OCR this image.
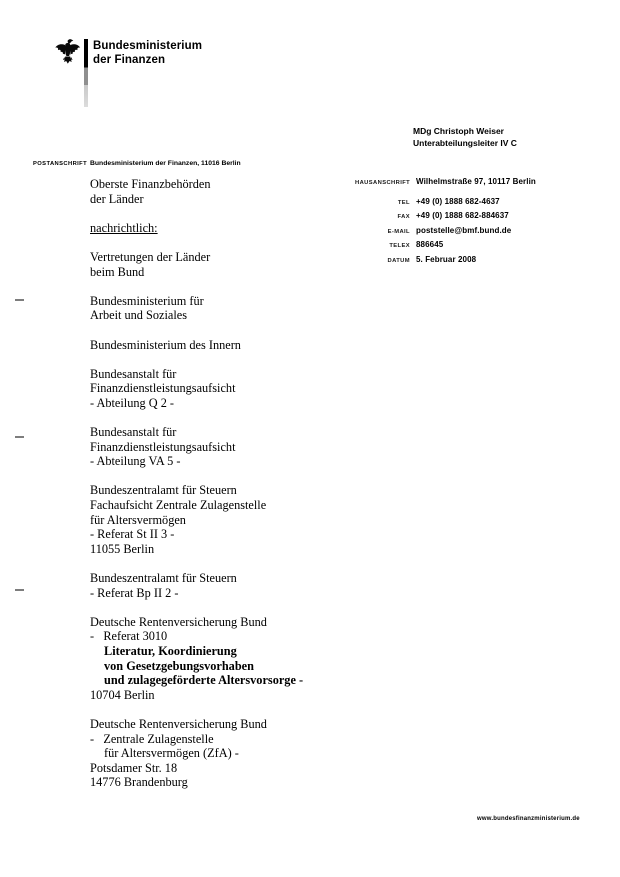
Bundesministerium
der Finanzen
MDg Christoph Weiser
Unterabteilungsleiter IV C
POSTANSCHRIFT Bundesministerium der Finanzen, 11016 Berlin
Oberste Finanzbehörden
der Länder
nachrichtlich:
Vertretungen der Länder
beim Bund
Bundesministerium für
Arbeit und Soziales
Bundesministerium des Innern
Bundesanstalt für
Finanzdienstleistungsaufsicht
- Abteilung Q 2 -
Bundesanstalt für
Finanzdienstleistungsaufsicht
- Abteilung VA 5 -
Bundeszentralamt für Steuern
Fachaufsicht Zentrale Zulagenstelle
für Altersvermögen
- Referat St II 3 -
11055 Berlin
Bundeszentralamt für Steuern
- Referat Bp II 2 -
Deutsche Rentenversicherung Bund
-   Referat 3010
Literatur, Koordinierung
von Gesetzgebungsvorhaben
und zulagegeförderte Altersvorsorge -
10704 Berlin
Deutsche Rentenversicherung Bund
-   Zentrale Zulagenstelle
für Altersvermögen (ZfA) -
Potsdamer Str. 18
14776 Brandenburg
HAUSANSCHRIFT Wilhelmstraße 97, 10117 Berlin
TEL +49 (0) 1888 682-4637
FAX +49 (0) 1888 682-884637
E-MAIL poststelle@bmf.bund.de
TELEX 886645
DATUM 5. Februar 2008
www.bundesfinanzministerium.de
